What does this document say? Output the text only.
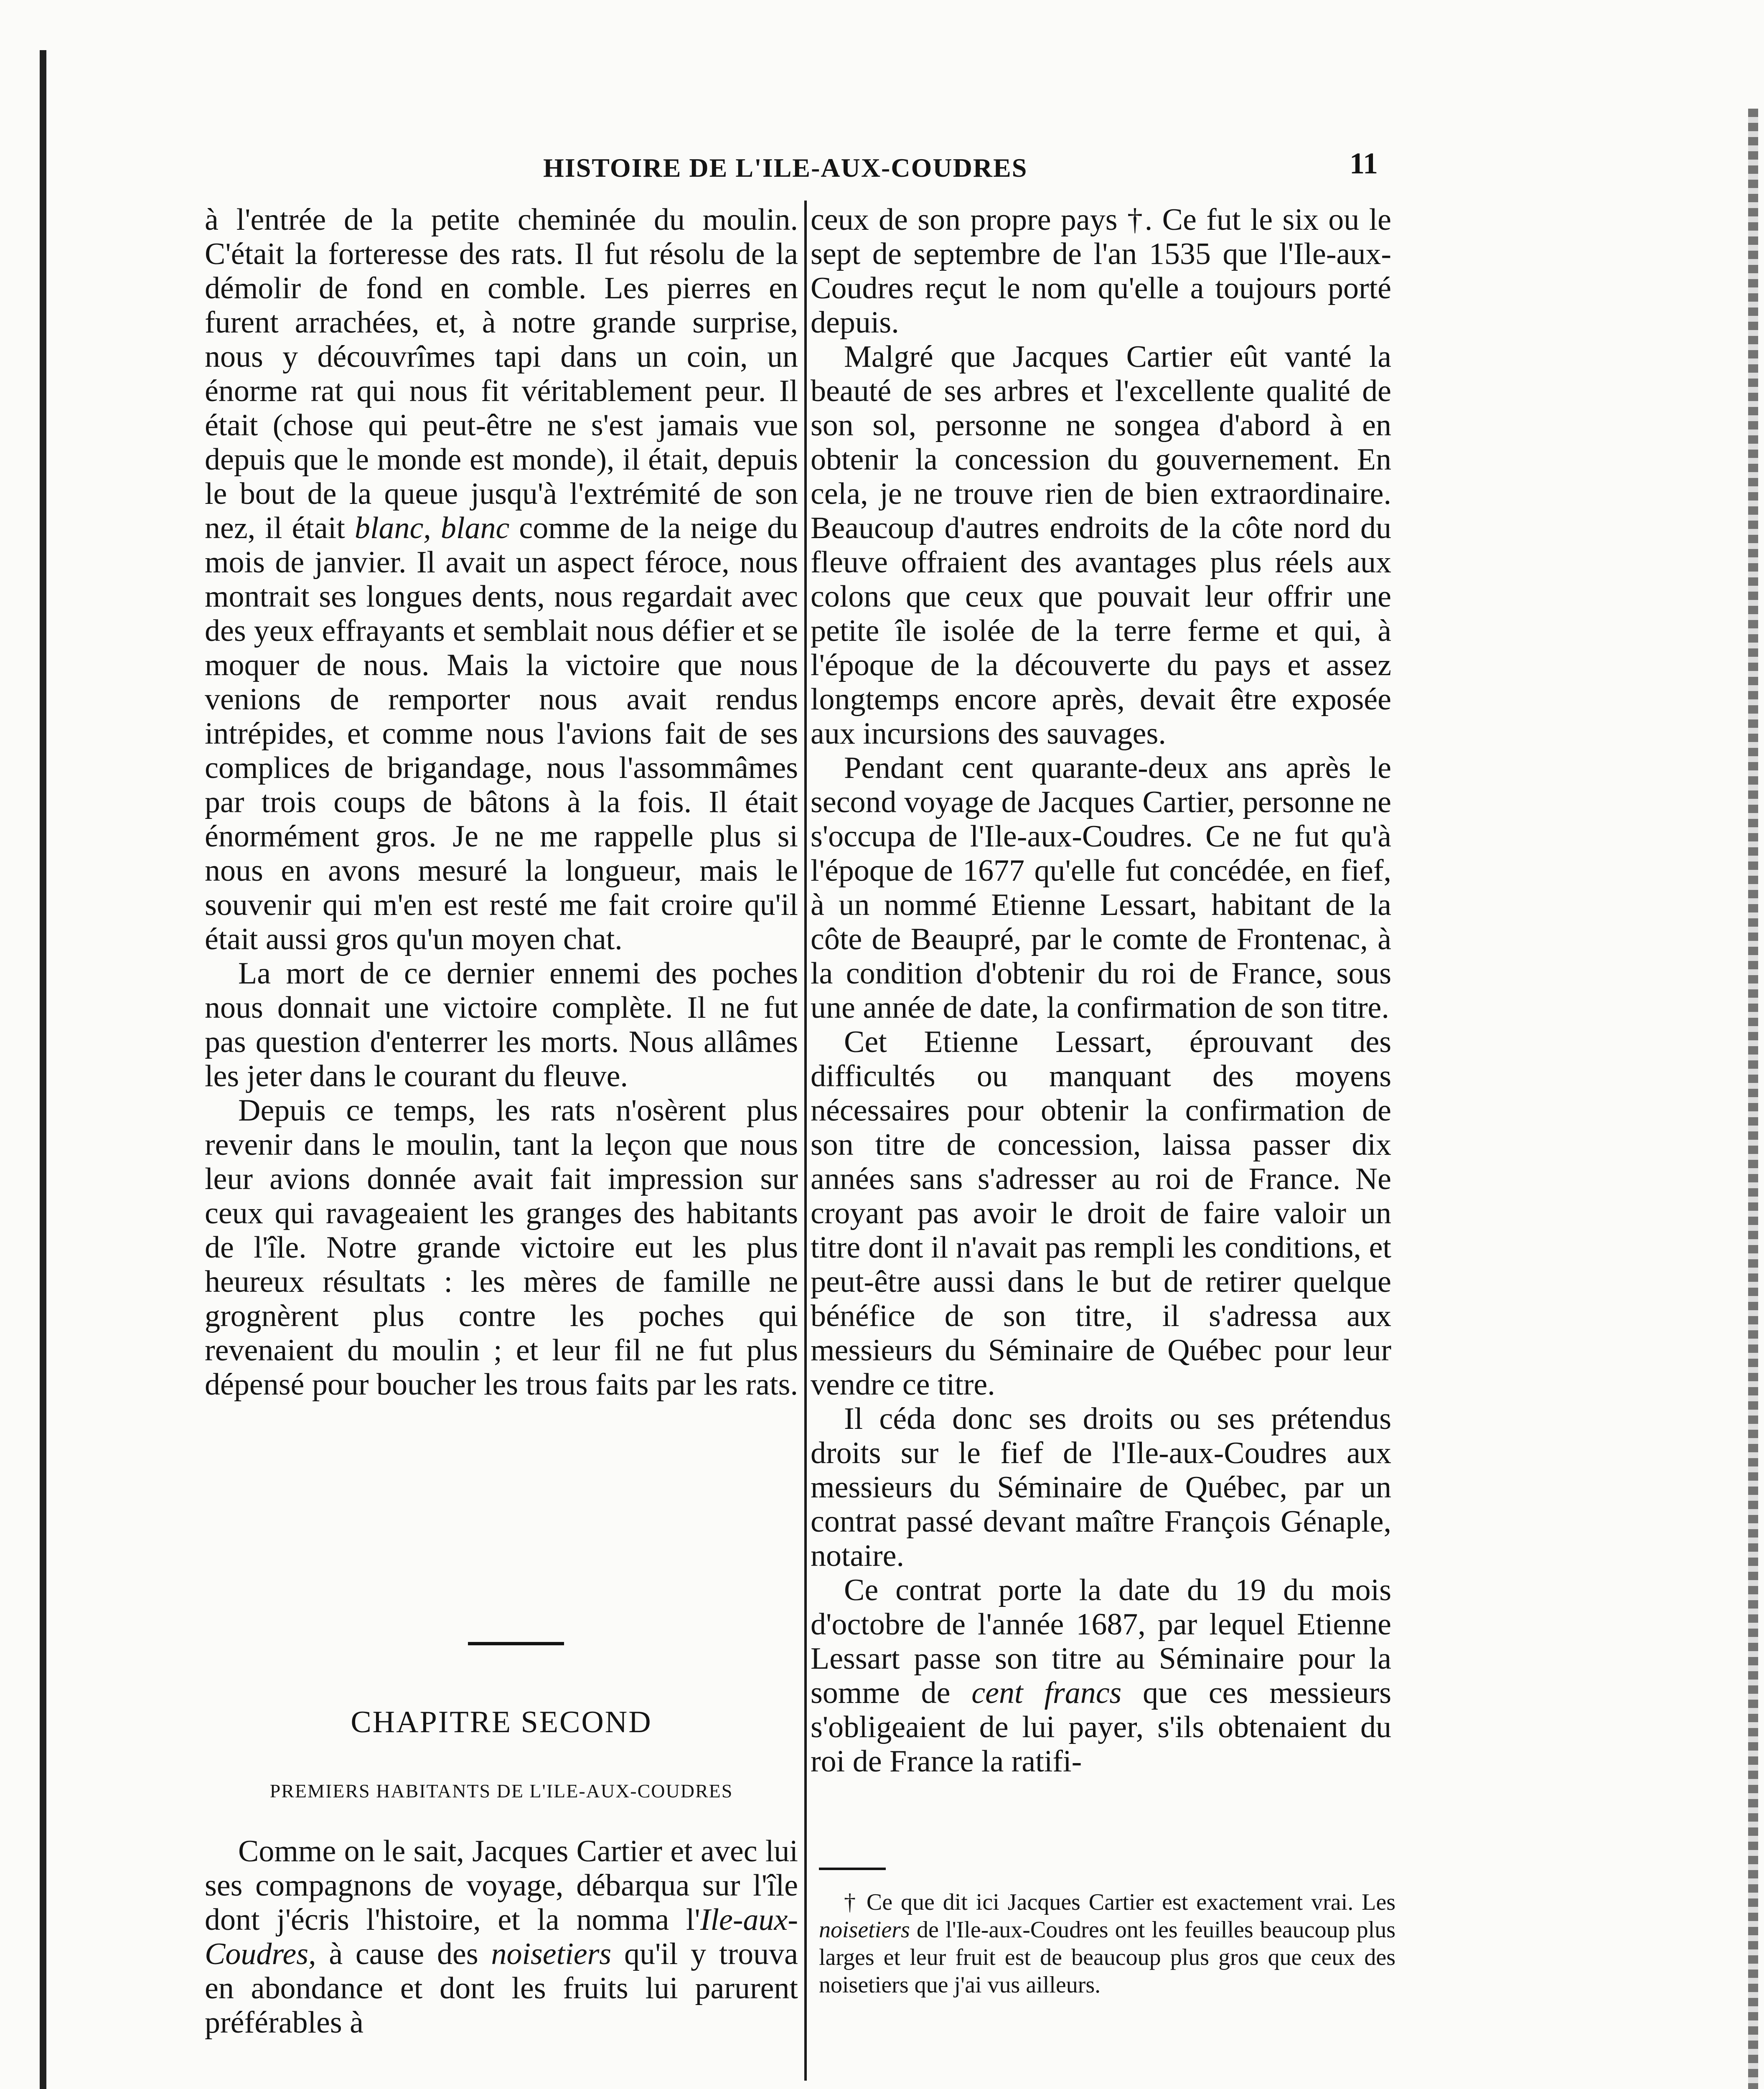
HISTOIRE DE L'ILE-AUX-COUDRES	11

à l'entrée de la petite cheminée du moulin. C'était la forteresse des rats. Il fut résolu de la démolir de fond en comble. Les pierres en furent arrachées, et, à notre grande surprise, nous y découvrîmes tapi dans un coin, un énorme rat qui nous fit véritablement peur. Il était (chose qui peut-être ne s'est jamais vue depuis que le monde est monde), il était, depuis le bout de la queue jusqu'à l'extrémité de son nez, il était blanc, blanc comme de la neige du mois de janvier. Il avait un aspect féroce, nous montrait ses longues dents, nous regardait avec des yeux effrayants et semblait nous défier et se moquer de nous. Mais la victoire que nous venions de remporter nous avait rendus intrépides, et comme nous l'avions fait de ses complices de brigandage, nous l'assommâmes par trois coups de bâtons à la fois. Il était énormément gros. Je ne me rappelle plus si nous en avons mesuré la longueur, mais le souvenir qui m'en est resté me fait croire qu'il était aussi gros qu'un moyen chat.

La mort de ce dernier ennemi des poches nous donnait une victoire complète. Il ne fut pas question d'enterrer les morts. Nous allâmes les jeter dans le courant du fleuve.

Depuis ce temps, les rats n'osèrent plus revenir dans le moulin, tant la leçon que nous leur avions donnée avait fait impression sur ceux qui ravageaient les granges des habitants de l'île. Notre grande victoire eut les plus heureux résultats : les mères de famille ne grognèrent plus contre les poches qui revenaient du moulin ; et leur fil ne fut plus dépensé pour boucher les trous faits par les rats.

CHAPITRE SECOND
PREMIERS HABITANTS DE L'ILE-AUX-COUDRES

Comme on le sait, Jacques Cartier et avec lui ses compagnons de voyage, débarqua sur l'île dont j'écris l'histoire, et la nomma l'Ile-aux-Coudres, à cause des noisetiers qu'il y trouva en abondance et dont les fruits lui parurent préférables à

ceux de son propre pays †. Ce fut le six ou le sept de septembre de l'an 1535 que l'Ile-aux-Coudres reçut le nom qu'elle a toujours porté depuis.

Malgré que Jacques Cartier eût vanté la beauté de ses arbres et l'excellente qualité de son sol, personne ne songea d'abord à en obtenir la concession du gouvernement. En cela, je ne trouve rien de bien extraordinaire. Beaucoup d'autres endroits de la côte nord du fleuve offraient des avantages plus réels aux colons que ceux que pouvait leur offrir une petite île isolée de la terre ferme et qui, à l'époque de la découverte du pays et assez longtemps encore après, devait être exposée aux incursions des sauvages.

Pendant cent quarante-deux ans après le second voyage de Jacques Cartier, personne ne s'occupa de l'Ile-aux-Coudres. Ce ne fut qu'à l'époque de 1677 qu'elle fut concédée, en fief, à un nommé Etienne Lessart, habitant de la côte de Beaupré, par le comte de Frontenac, à la condition d'obtenir du roi de France, sous une année de date, la confirmation de son titre.

Cet Etienne Lessart, éprouvant des difficultés ou manquant des moyens nécessaires pour obtenir la confirmation de son titre de concession, laissa passer dix années sans s'adresser au roi de France. Ne croyant pas avoir le droit de faire valoir un titre dont il n'avait pas rempli les conditions, et peut-être aussi dans le but de retirer quelque bénéfice de son titre, il s'adressa aux messieurs du Séminaire de Québec pour leur vendre ce titre.

Il céda donc ses droits ou ses prétendus droits sur le fief de l'Ile-aux-Coudres aux messieurs du Séminaire de Québec, par un contrat passé devant maître François Génaple, notaire.

Ce contrat porte la date du 19 du mois d'octobre de l'année 1687, par lequel Etienne Lessart passe son titre au Séminaire pour la somme de cent francs que ces messieurs s'obligeaient de lui payer, s'ils obtenaient du roi de France la ratifi-

† Ce que dit ici Jacques Cartier est exactement vrai. Les noisetiers de l'Ile-aux-Coudres ont les feuilles beaucoup plus larges et leur fruit est de beaucoup plus gros que ceux des noisetiers que j'ai vus ailleurs.
